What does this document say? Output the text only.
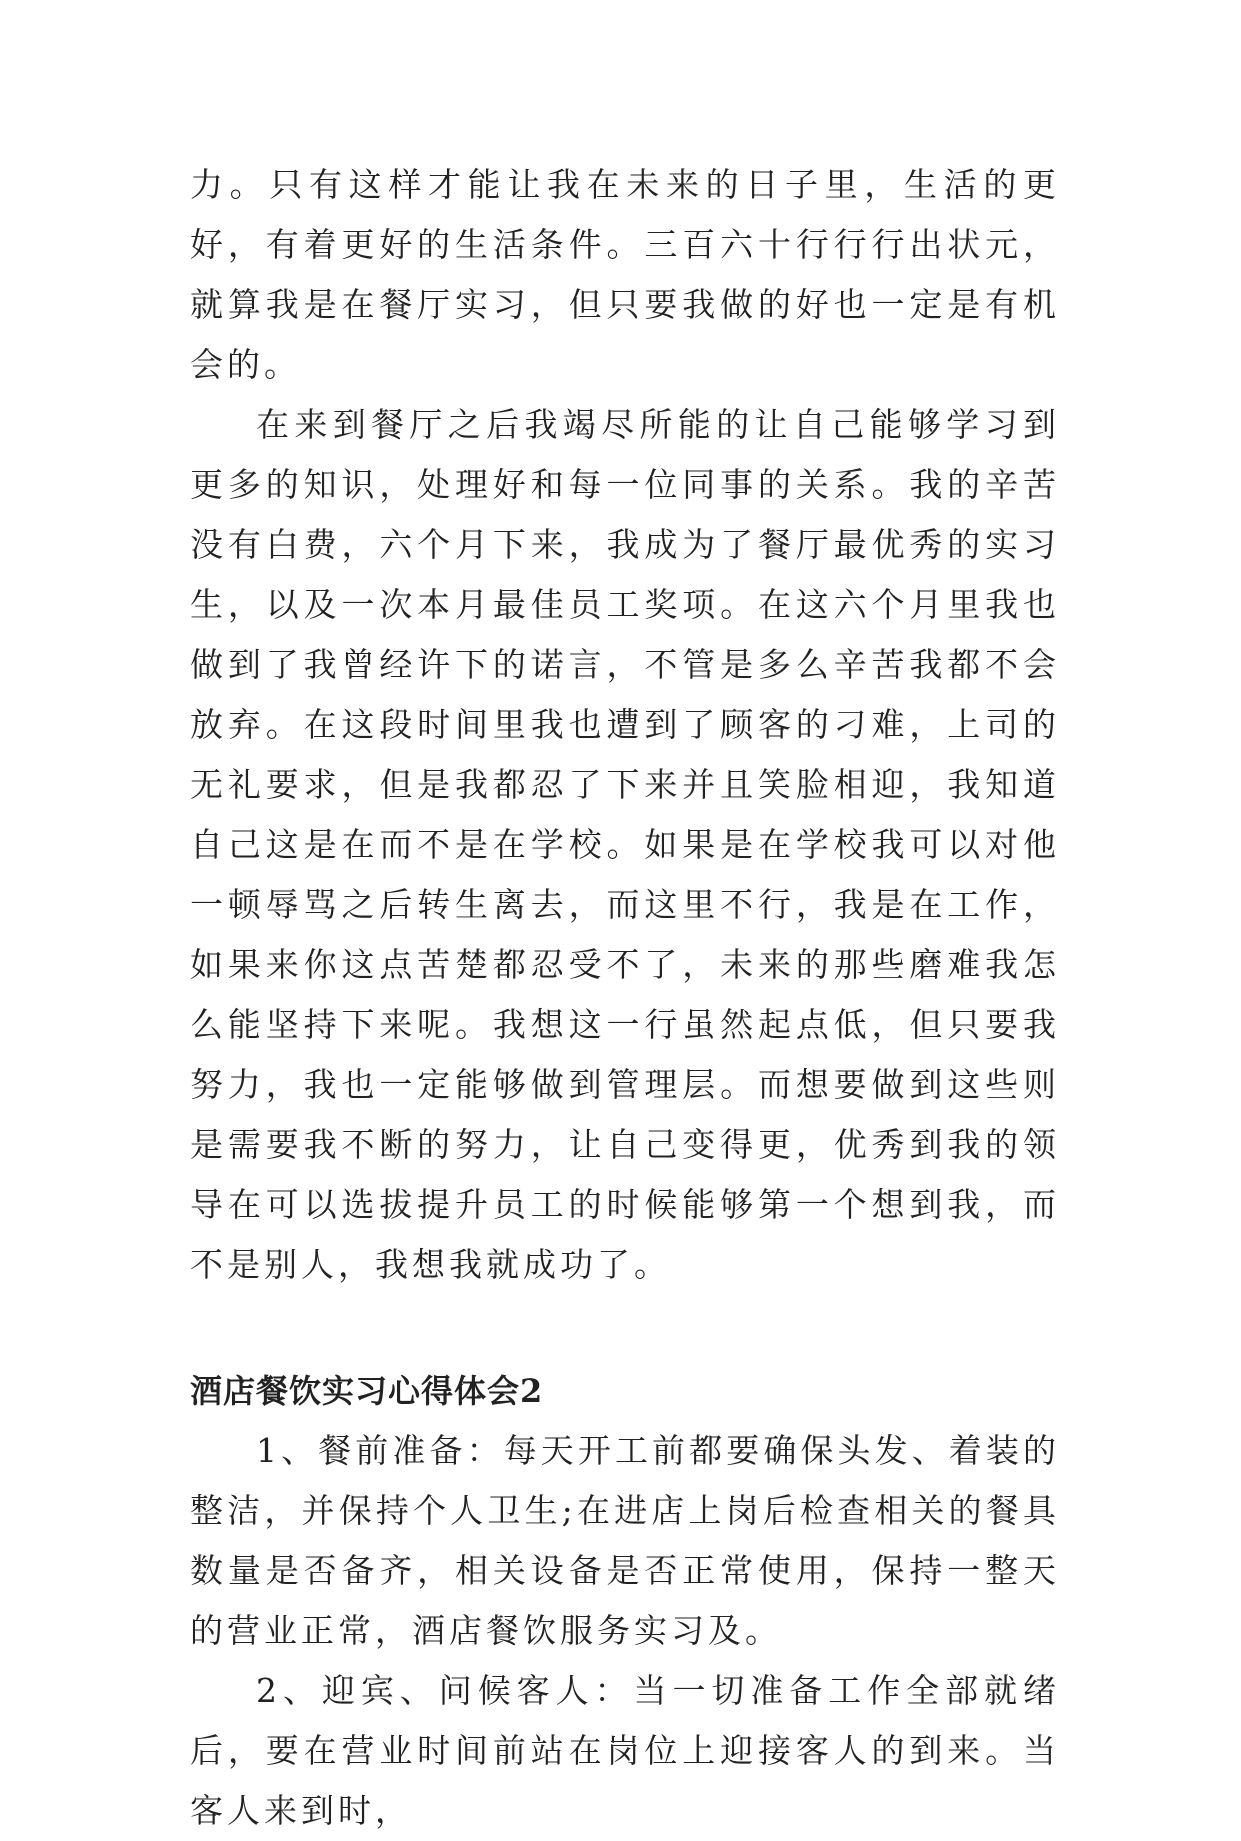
力。只有这样才能让我在未来的日子里，生活的更好，有着更好的生活条件。三百六十行行行出状元，就算我是在餐厅实习，但只要我做的好也一定是有机会的。

在来到餐厅之后我竭尽所能的让自己能够学习到更多的知识，处理好和每一位同事的关系。我的辛苦没有白费，六个月下来，我成为了餐厅最优秀的实习生，以及一次本月最佳员工奖项。在这六个月里我也做到了我曾经许下的诺言，不管是多么辛苦我都不会放弃。在这段时间里我也遭到了顾客的刁难，上司的无礼要求，但是我都忍了下来并且笑脸相迎，我知道自己这是在而不是在学校。如果是在学校我可以对他一顿辱骂之后转生离去，而这里不行，我是在工作，如果来你这点苦楚都忍受不了，未来的那些磨难我怎么能坚持下来呢。我想这一行虽然起点低，但只要我努力，我也一定能够做到管理层。而想要做到这些则是需要我不断的努力，让自己变得更，优秀到我的领导在可以选拔提升员工的时候能够第一个想到我，而不是别人，我想我就成功了。

酒店餐饮实习心得体会2

1、餐前准备：每天开工前都要确保头发、着装的整洁，并保持个人卫生;在进店上岗后检查相关的餐具数量是否备齐，相关设备是否正常使用，保持一整天的营业正常，酒店餐饮服务实习及。

2、迎宾、问候客人：当一切准备工作全部就绪后，要在营业时间前站在岗位上迎接客人的到来。当客人来到时，
